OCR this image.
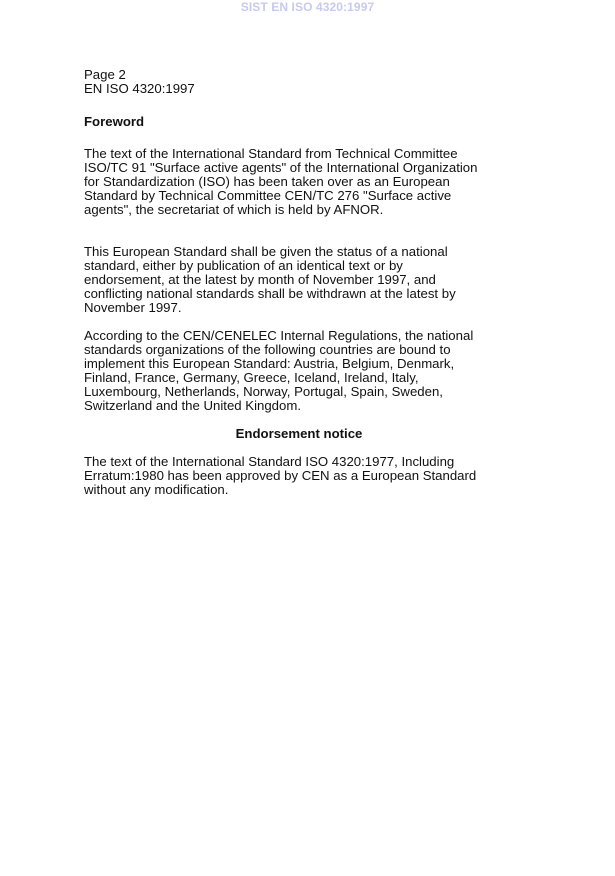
SIST EN ISO 4320:1997
Page 2
EN ISO 4320:1997
Foreword
The text of the International Standard from Technical Committee
ISO/TC 91 "Surface active agents" of the International Organization
for Standardization (ISO) has been taken over as an European
Standard by Technical Committee CEN/TC 276 "Surface active
agents", the secretariat of which is held by AFNOR.
This European Standard shall be given the status of a national
standard, either by publication of an identical text or by
endorsement, at the latest by month of November 1997, and
conflicting national standards shall be withdrawn at the latest by
November 1997.
According to the CEN/CENELEC Internal Regulations, the national
standards organizations of the following countries are bound to
implement this European Standard: Austria, Belgium, Denmark,
Finland, France, Germany, Greece, Iceland, Ireland, Italy,
Luxembourg, Netherlands, Norway, Portugal, Spain, Sweden,
Switzerland and the United Kingdom.
Endorsement notice
The text of the International Standard ISO 4320:1977, Including
Erratum:1980 has been approved by CEN as a European Standard
without any modification.
